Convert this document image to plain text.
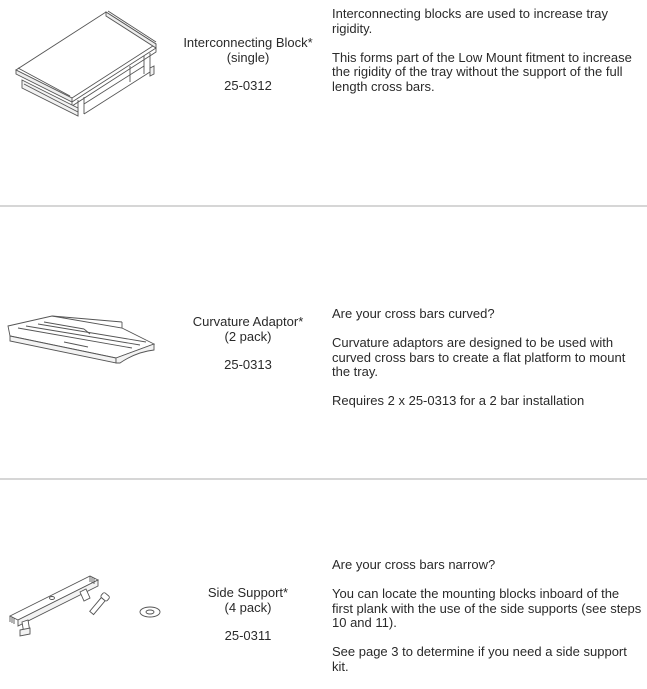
Interconnecting Block*
(single)
25-0312

Interconnecting blocks are used to increase tray rigidity.

This forms part of the Low Mount fitment to increase the rigidity of the tray without the support of the full length cross bars.

Curvature Adaptor*
(2 pack)
25-0313

Are your cross bars curved?

Curvature adaptors are designed to be used with curved cross bars to create a flat platform to mount the tray.

Requires 2 x 25-0313 for a 2 bar installation

Side Support*
(4 pack)
25-0311

Are your cross bars narrow?

You can locate the mounting blocks inboard of the first plank with the use of the side supports (see steps 10 and 11).

See page 3 to determine if you need a side support kit.
